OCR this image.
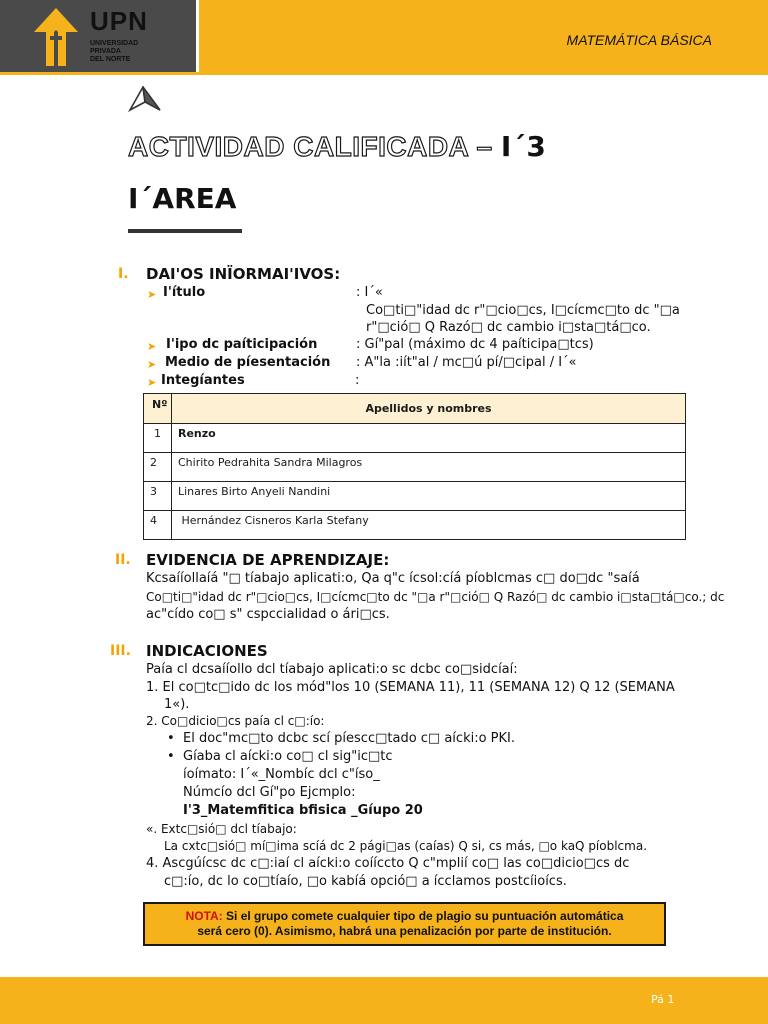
UPN
UNIVERSIDAD
PRIVADA
DEL NORTE
MATEMÁTICA BÁSICA
ACTIVIDAD CALIFICADA – I´3
I´AREA
I. DAI'OS INÏORMAI'IVOS:
➤ I'ítulo	: I´«
Co□ti□"idad dc r"□cio□cs, I□cícmc□to dc "□a
r"□ció□ Q Razó□ dc cambio i□sta□tá□co.
➤ I'ipo dc paíticipación	: Gí"pal (máximo dc 4 paíticipa□tcs)
➤ Medio de píesentación : A"la :iít"al / mc□ú pí/□cipal / I´«
➤ Integíantes	:
Nº	Apellidos y nombres
1	Renzo
2	Chirito Pedrahita Sandra Milagros
3	Linares Birto Anyeli Nandini
4	Hernández Cisneros Karla Stefany
II. EVIDENCIA DE APRENDIZAJE:
Kcsaííollaíá "□ tíabajo aplicati:o, Qa q"c ícsol:cíá píoblcmas c□ do□dc "saíá
Co□ti□"idad dc r"□cio□cs, I□cícmc□to dc "□a r"□ció□ Q Razó□ dc cambio i□sta□tá□co.; dc
ac"cído co□ s" cspccialidad o ári□cs.
III. INDICACIONES
Paía cl dcsaííollo dcl tíabajo aplicati:o sc dcbc co□sidcíaí:
1. El co□tc□ido dc los mód"los 10 (SEMANA 11), 11 (SEMANA 12) Q 12 (SEMANA
1«).
2. Co□dicio□cs paía cl c□:ío:
• El doc"mc□to dcbc scí píescc□tado c□ aícki:o PKI.
• Gíaba cl aícki:o co□ cl sig"ic□tc
íoímato: I´«_Nombíc dcl c"íso_
Númcío dcl Gí"po Ejcmplo:
I'3_Matemfitica bfisica _Gíupo 20
«. Extc□sió□ dcl tíabajo:
La cxtc□sió□ mí□ima scíá dc 2 pági□as (caías) Q si, cs más, □o kaQ píoblcma.
4. Ascgúícsc dc c□:iaí cl aícki:o coííccto Q c"mplií co□ las co□dicio□cs dc
c□:ío, dc lo co□tíaío, □o kabíá opció□ a ícclamos postcíioícs.
NOTA: Si el grupo comete cualquier tipo de plagio su puntuación automática
será cero (0). Asimismo, habrá una penalización por parte de institución.
Pá 1
